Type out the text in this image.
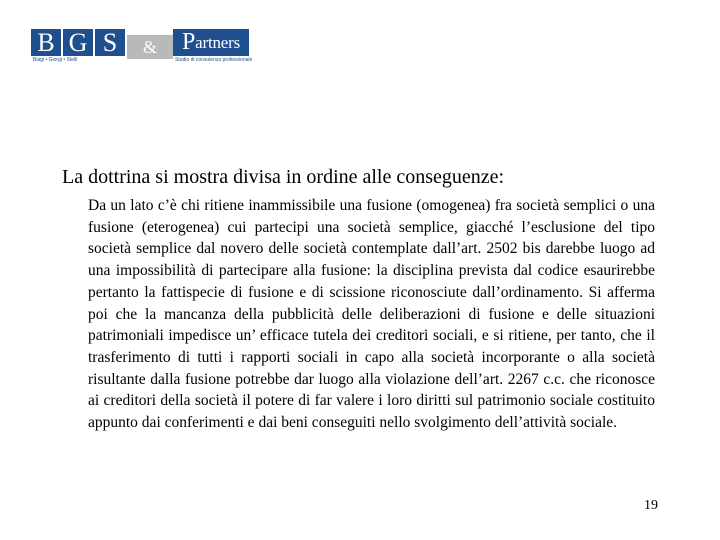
B G S	&	P artners
Biagi • Giorgi • Stelli	Studio di consulenza professionale
La dottrina si mostra divisa in ordine alle conseguenze:
Da un lato c’è chi ritiene inammissibile una fusione (omogenea) fra società semplici o una fusione (eterogenea) cui partecipi una società semplice, giacché l’esclusione del tipo società semplice dal novero delle società contemplate dall’art. 2502 bis darebbe luogo ad una impossibilità di partecipare alla fusione: la disciplina prevista dal codice esaurirebbe pertanto la fattispecie di fusione e di scissione riconosciute dall’ordinamento. Si afferma poi che la mancanza della pubblicità delle deliberazioni di fusione e delle situazioni patrimoniali impedisce un’ efficace tutela dei creditori sociali, e si ritiene, per tanto, che il trasferimento di tutti i rapporti sociali in capo alla società incorporante o alla società risultante dalla fusione potrebbe dar luogo alla violazione dell’art. 2267 c.c. che riconosce ai creditori della società il potere di far valere i loro diritti sul patrimonio sociale costituito appunto dai conferimenti e dai beni conseguiti nello svolgimento dell’attività sociale.
19
